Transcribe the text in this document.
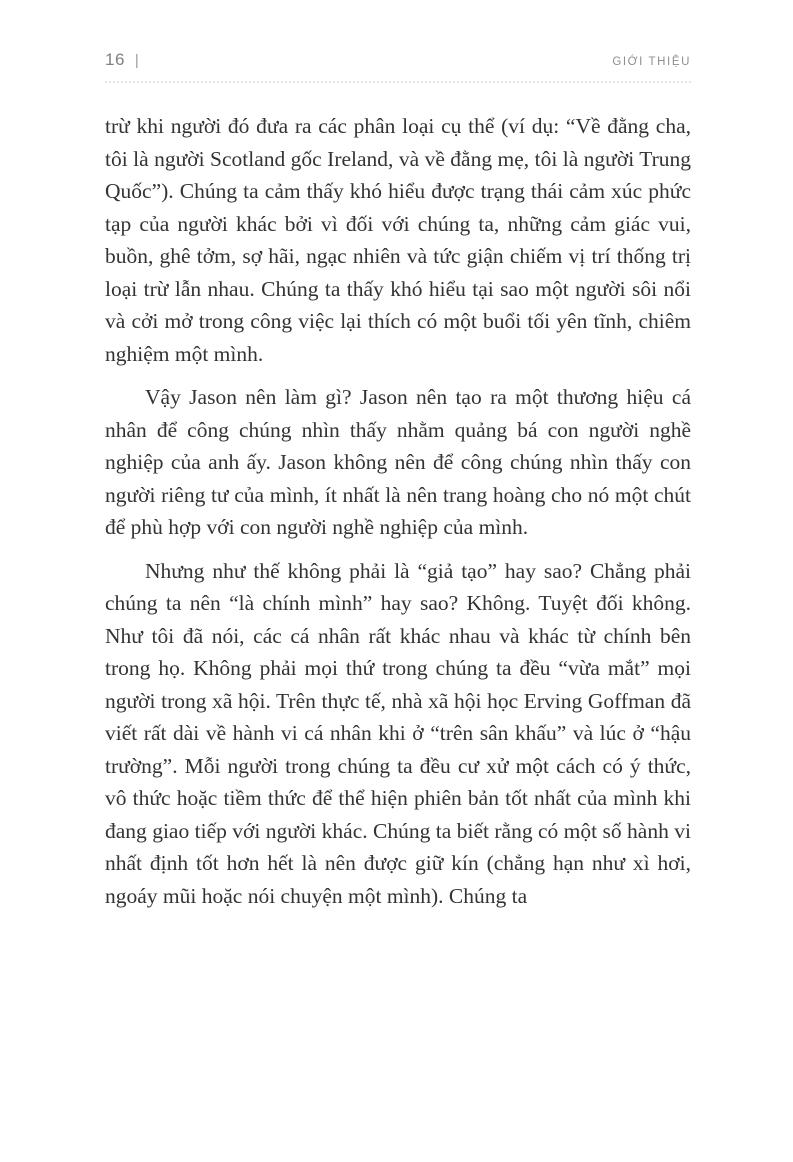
16 |	GIỚI THIỆU

trừ khi người đó đưa ra các phân loại cụ thể (ví dụ: “Về đằng cha, tôi là người Scotland gốc Ireland, và về đằng mẹ, tôi là người Trung Quốc”). Chúng ta cảm thấy khó hiểu được trạng thái cảm xúc phức tạp của người khác bởi vì đối với chúng ta, những cảm giác vui, buồn, ghê tởm, sợ hãi, ngạc nhiên và tức giận chiếm vị trí thống trị loại trừ lẫn nhau. Chúng ta thấy khó hiểu tại sao một người sôi nổi và cởi mở trong công việc lại thích có một buổi tối yên tĩnh, chiêm nghiệm một mình.

Vậy Jason nên làm gì? Jason nên tạo ra một thương hiệu cá nhân để công chúng nhìn thấy nhằm quảng bá con người nghề nghiệp của anh ấy. Jason không nên để công chúng nhìn thấy con người riêng tư của mình, ít nhất là nên trang hoàng cho nó một chút để phù hợp với con người nghề nghiệp của mình.

Nhưng như thế không phải là “giả tạo” hay sao? Chẳng phải chúng ta nên “là chính mình” hay sao? Không. Tuyệt đối không. Như tôi đã nói, các cá nhân rất khác nhau và khác từ chính bên trong họ. Không phải mọi thứ trong chúng ta đều “vừa mắt” mọi người trong xã hội. Trên thực tế, nhà xã hội học Erving Goffman đã viết rất dài về hành vi cá nhân khi ở “trên sân khấu” và lúc ở “hậu trường”. Mỗi người trong chúng ta đều cư xử một cách có ý thức, vô thức hoặc tiềm thức để thể hiện phiên bản tốt nhất của mình khi đang giao tiếp với người khác. Chúng ta biết rằng có một số hành vi nhất định tốt hơn hết là nên được giữ kín (chẳng hạn như xì hơi, ngoáy mũi hoặc nói chuyện một mình). Chúng ta
